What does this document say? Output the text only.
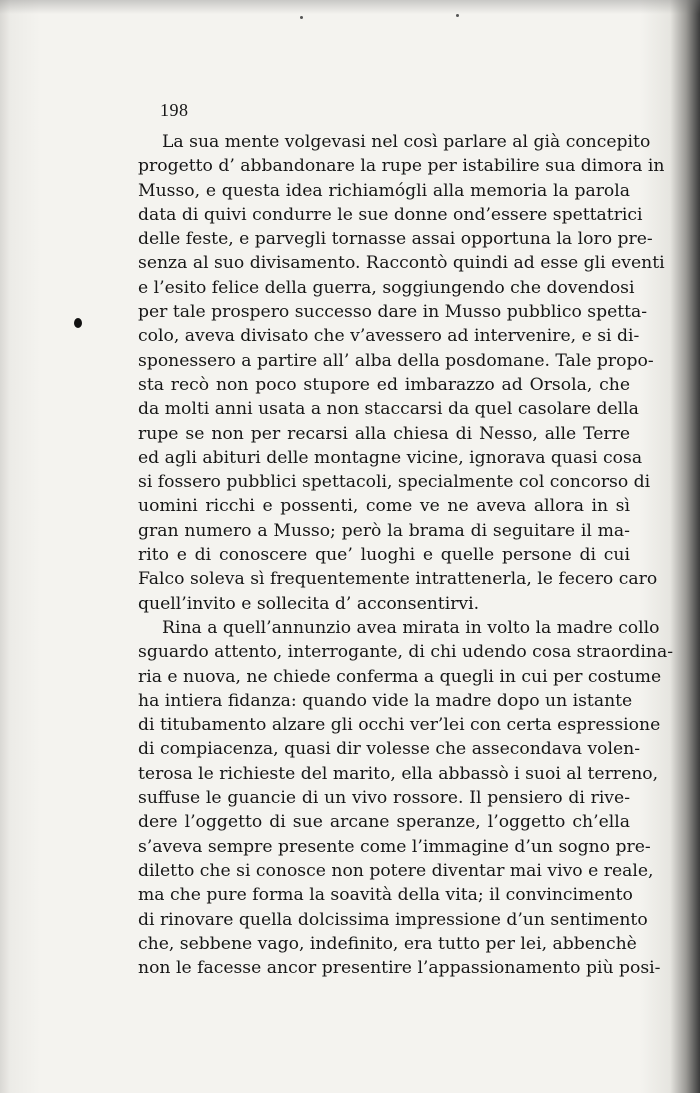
198
La sua mente volgevasi nel così parlare al già concepito
progetto d’ abbandonare la rupe per istabilire sua dimora in
Musso, e questa idea richiamógli alla memoria la parola
data di quivi condurre le sue donne ond’essere spettatrici
delle feste, e parvegli tornasse assai opportuna la loro pre-
senza al suo divisamento. Raccontò quindi ad esse gli eventi
e l’esito felice della guerra, soggiungendo che dovendosi
per tale prospero successo dare in Musso pubblico spetta-
colo, aveva divisato che v’avessero ad intervenire, e si di-
sponessero a partire all’ alba della posdomane. Tale propo-
sta recò non poco stupore ed imbarazzo ad Orsola, che
da molti anni usata a non staccarsi da quel casolare della
rupe se non per recarsi alla chiesa di Nesso, alle Terre
ed agli abituri delle montagne vicine, ignorava quasi cosa
si fossero pubblici spettacoli, specialmente col concorso di
uomini ricchi e possenti, come ve ne aveva allora in sì
gran numero a Musso; però la brama di seguitare il ma-
rito e di conoscere que’ luoghi e quelle persone di cui
Falco soleva sì frequentemente intrattenerla, le fecero caro
quell’invito e sollecita d’ acconsentirvi.
Rina a quell’annunzio avea mirata in volto la madre collo
sguardo attento, interrogante, di chi udendo cosa straordina-
ria e nuova, ne chiede conferma a quegli in cui per costume
ha intiera fidanza: quando vide la madre dopo un istante
di titubamento alzare gli occhi ver’lei con certa espressione
di compiacenza, quasi dir volesse che assecondava volen-
terosa le richieste del marito, ella abbassò i suoi al terreno,
suffuse le guancie di un vivo rossore. Il pensiero di rive-
dere l’oggetto di sue arcane speranze, l’oggetto ch’ella
s’aveva sempre presente come l’immagine d’un sogno pre-
diletto che si conosce non potere diventar mai vivo e reale,
ma che pure forma la soavità della vita; il convincimento
di rinovare quella dolcissima impressione d’un sentimento
che, sebbene vago, indefinito, era tutto per lei, abbenchè
non le facesse ancor presentire l’appassionamento più posi-
